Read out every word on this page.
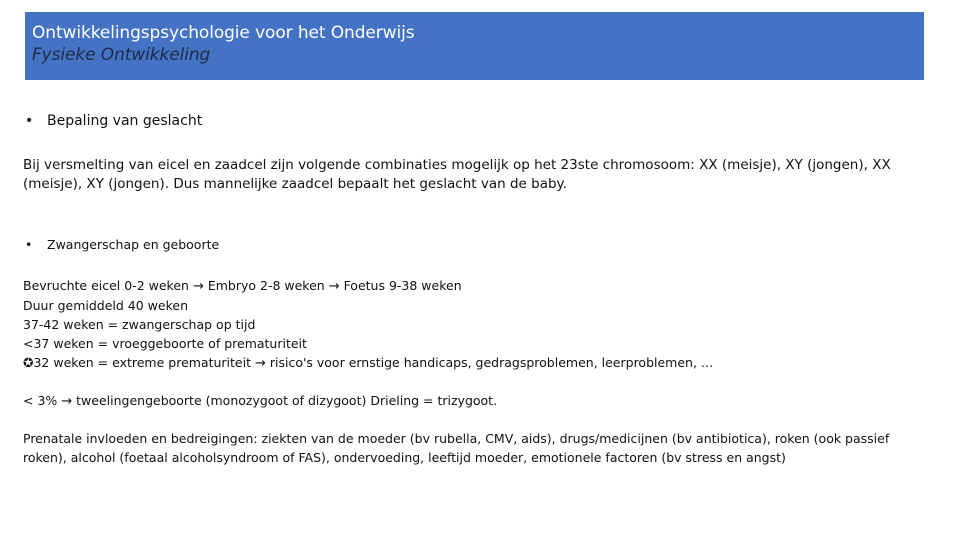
Ontwikkelingspsychologie voor het Onderwijs
Fysieke Ontwikkeling
• Bepaling van geslacht
Bij versmelting van eicel en zaadcel zijn volgende combinaties mogelijk op het 23ste chromosoom: XX (meisje), XY (jongen), XX (meisje), XY (jongen). Dus mannelijke zaadcel bepaalt het geslacht van de baby.
•	Zwangerschap en geboorte
Bevruchte eicel 0-2 weken → Embryo 2-8 weken → Foetus 9-38 weken
Duur gemiddeld 40 weken
37-42 weken = zwangerschap op tijd
<37 weken = vroeggeboorte of prematuriteit
✪32 weken = extreme prematuriteit → risico's voor ernstige handicaps, gedragsproblemen, leerproblemen, …
< 3% → tweelingengeboorte (monozygoot of dizygoot) Drieling = trizygoot.
Prenatale invloeden en bedreigingen: ziekten van de moeder (bv rubella, CMV, aids), drugs/medicijnen (bv antibiotica), roken (ook passief roken), alcohol (foetaal alcoholsyndroom of FAS), ondervoeding, leeftijd moeder, emotionele factoren (bv stress en angst)
